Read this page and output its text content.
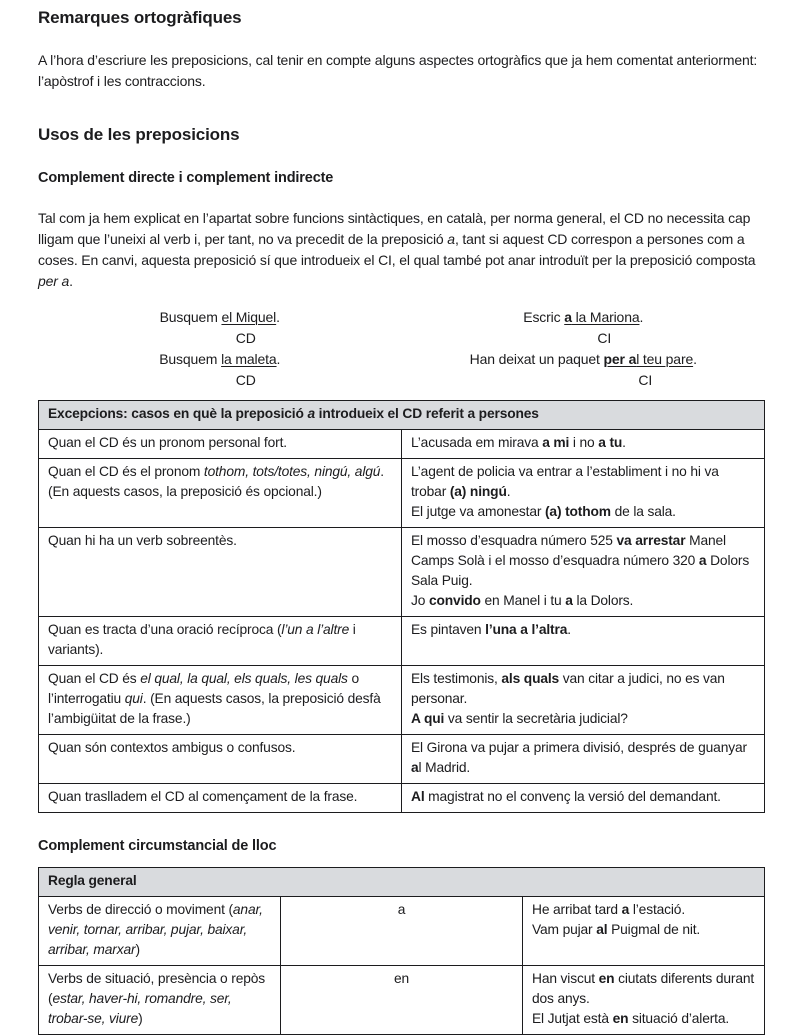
Remarques ortogràfiques

A l’hora d’escriure les preposicions, cal tenir en compte alguns aspectes ortogràfics que ja hem comentat anteriorment: l’apòstrof i les contraccions.

Usos de les preposicions
Complement directe i complement indirecte

Tal com ja hem explicat en l’apartat sobre funcions sintàctiques, en català, per norma general, el CD no necessita cap lligam que l’uneixi al verb i, per tant, no va precedit de la preposició a, tant si aquest CD correspon a persones com a coses. En canvi, aquesta preposició sí que introdueix el CI, el qual també pot anar introduït per la preposició composta per a.

Busquem el Miquel.
CD
Busquem la maleta.
CD
Escric a la Mariona.
CI
Han deixat un paquet per al teu pare.
CI
Excepcions: casos en què la preposició a introdueix el CD referit a persones	

Quan el CD és un pronom personal fort.	L’acusada em mirava a mi i no a tu.

Quan el CD és el pronom tothom, tots/totes, ningú, algú. (En aquests casos, la preposició és opcional.)	L’agent de policia va entrar a l’establiment i no hi va trobar (a) ningú.
El jutge va amonestar (a) tothom de la sala.

Quan hi ha un verb sobreentès.	El mosso d’esquadra número 525 va arrestar Manel Camps Solà i el mosso d’esquadra número 320 a Dolors Sala Puig.
Jo convido en Manel i tu a la Dolors.

Quan es tracta d’una oració recíproca (l’un a l’altre i variants).	Es pintaven l’una a l’altra.

Quan el CD és el qual, la qual, els quals, les quals o l’interrogatiu qui. (En aquests casos, la preposició desfà l’ambigüitat de la frase.)	Els testimonis, als quals van citar a judici, no es van personar.
A qui va sentir la secretària judicial?

Quan són contextos ambigus o confusos.	El Girona va pujar a primera divisió, després de guanyar al Madrid.

Quan traslladem el CD al començament de la frase.	Al magistrat no el convenç la versió del demandant.
Complement circumstancial de lloc
Regla general		

Verbs de direcció o moviment (anar, venir, tornar, arribar, pujar, baixar, arribar, marxar)	a	He arribat tard a l’estació.
Vam pujar al Puigmal de nit.

Verbs de situació, presència o repòs (estar, haver-hi, romandre, ser, trobar-se, viure)	en	Han viscut en ciutats diferents durant dos anys.
El Jutjat està en situació d’alerta.
